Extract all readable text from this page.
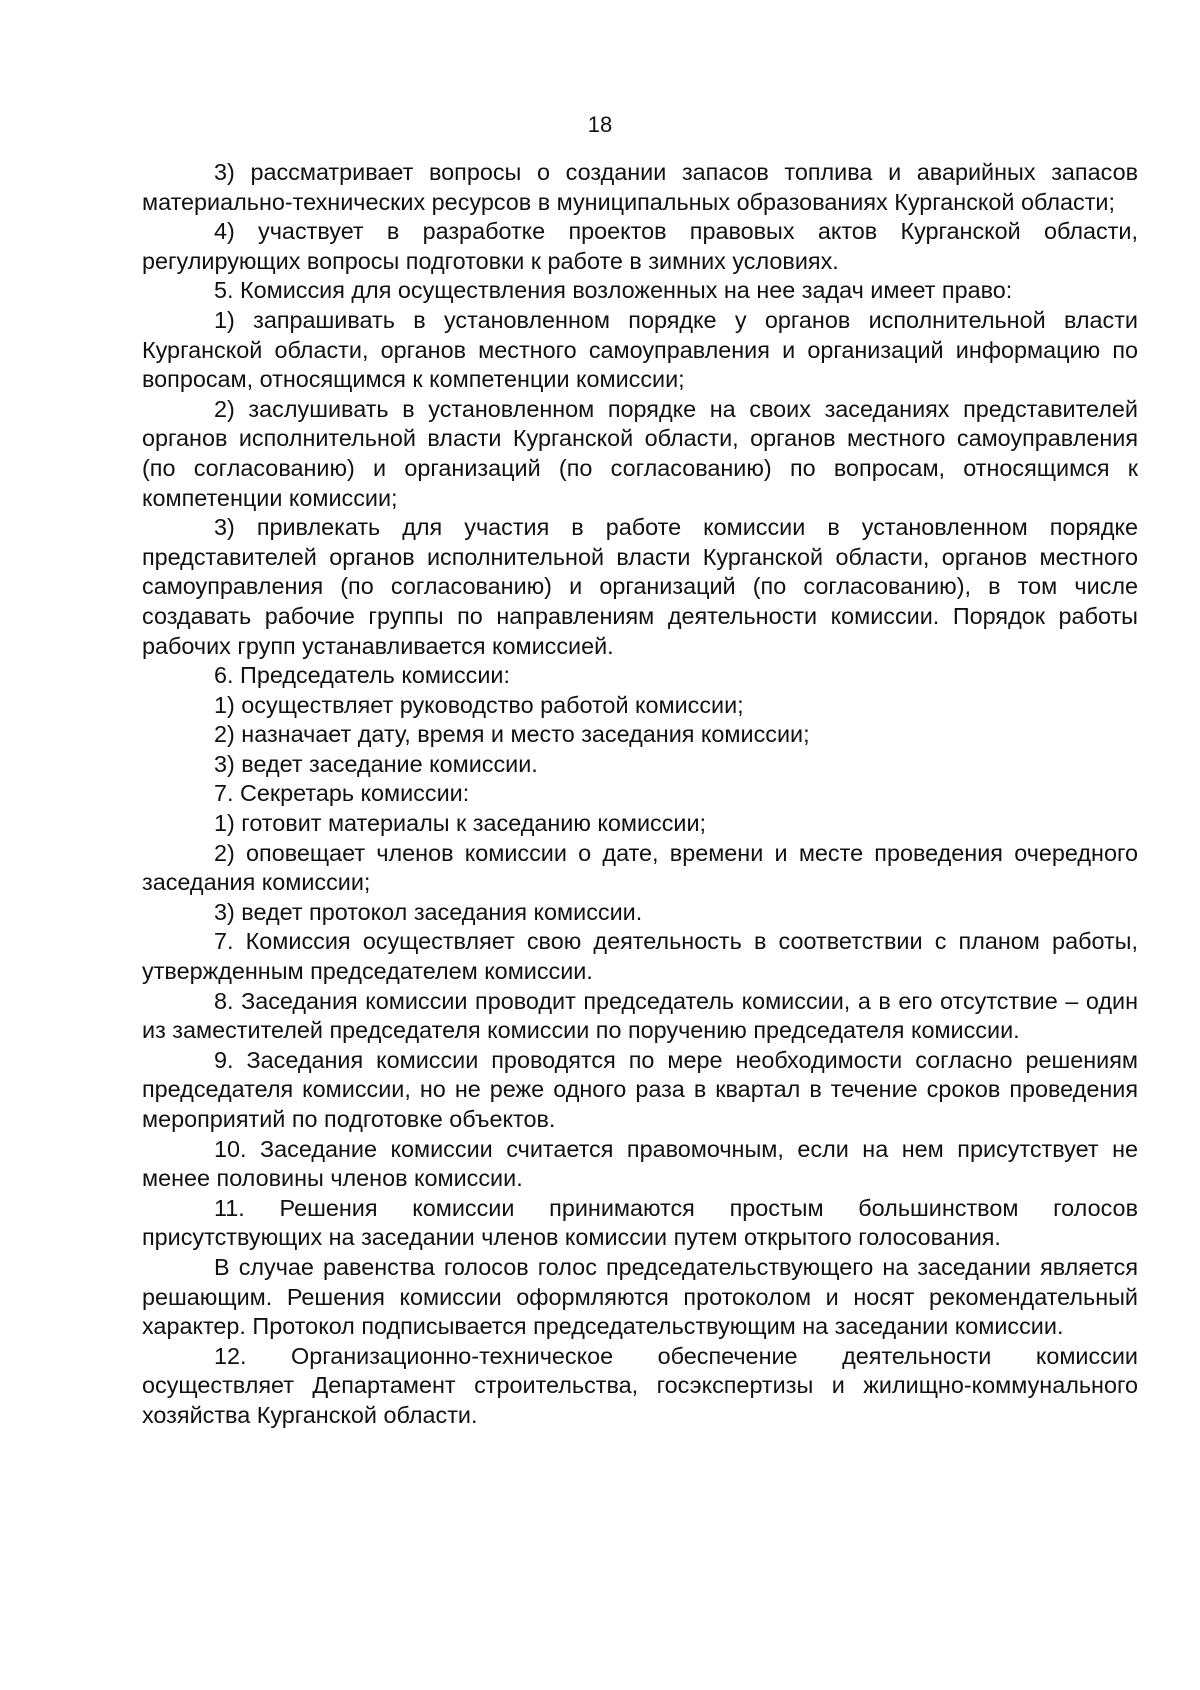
18

3) рассматривает вопросы о создании запасов топлива и аварийных запасов материально-технических ресурсов в муниципальных образованиях Курганской области;

4) участвует в разработке проектов правовых актов Курганской области, регулирующих вопросы подготовки к работе в зимних условиях.

5. Комиссия для осуществления возложенных на нее задач имеет право:

1) запрашивать в установленном порядке у органов исполнительной власти Курганской области, органов местного самоуправления и организаций информацию по вопросам, относящимся к компетенции комиссии;

2) заслушивать в установленном порядке на своих заседаниях представителей органов исполнительной власти Курганской области, органов местного самоуправления (по согласованию) и организаций (по согласованию) по вопросам, относящимся к компетенции комиссии;

3) привлекать для участия в работе комиссии в установленном порядке представителей органов исполнительной власти Курганской области, органов местного самоуправления (по согласованию) и организаций (по согласованию), в том числе создавать рабочие группы по направлениям деятельности комиссии. Порядок работы рабочих групп устанавливается комиссией.

6. Председатель комиссии:

1) осуществляет руководство работой комиссии;

2) назначает дату, время и место заседания комиссии;

3) ведет заседание комиссии.

7. Секретарь комиссии:

1) готовит материалы к заседанию комиссии;

2) оповещает членов комиссии о дате, времени и месте проведения очередного заседания комиссии;

3) ведет протокол заседания комиссии.

7. Комиссия осуществляет свою деятельность в соответствии с планом работы, утвержденным председателем комиссии.

8. Заседания комиссии проводит председатель комиссии, а в его отсутствие – один из заместителей председателя комиссии по поручению председателя комиссии.

9. Заседания комиссии проводятся по мере необходимости согласно решениям председателя комиссии, но не реже одного раза в квартал в течение сроков проведения мероприятий по подготовке объектов.

10. Заседание комиссии считается правомочным, если на нем присутствует не менее половины членов комиссии.

11. Решения комиссии принимаются простым большинством голосов присутствующих на заседании членов комиссии путем открытого голосования.

В случае равенства голосов голос председательствующего на заседании является решающим. Решения комиссии оформляются протоколом и носят рекомендательный характер. Протокол подписывается председательствующим на заседании комиссии.

12. Организационно-техническое обеспечение деятельности комиссии осуществляет Департамент строительства, госэкспертизы и жилищно-коммунального хозяйства Курганской области.
